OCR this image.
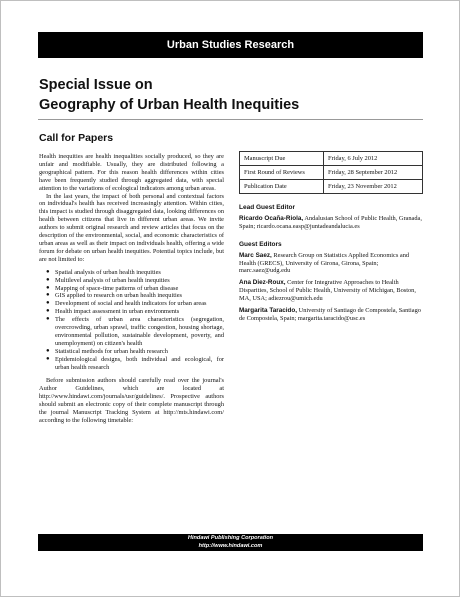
Urban Studies Research
Special Issue on
Geography of Urban Health Inequities
Call for Papers

Health inequities are health inequalities socially produced, so they are unfair and modifiable. Usually, they are distributed following a geographical pattern. For this reason health differences within cities have been frequently studied through aggregated data, with special attention to the variations of ecological indicators among urban areas.

In the last years, the impact of both personal and contextual factors on individual's health has received increasingly attention. Within cities, this impact is studied through disaggregated data, looking differences on health between citizens that live in different urban areas. We invite authors to submit original research and review articles that focus on the description of the environmental, social, and economic characteristics of urban areas as well as their impact on individuals health, offering a wide forum for debate on urban health inequities. Potential topics include, but are not limited to:

● Spatial analysis of urban health inequities
● Multilevel analysis of urban health inequities
● Mapping of space-time patterns of urban disease
● GIS applied to research on urban health inequities
● Development of social and health indicators for urban areas
● Health impact assessment in urban environments
● The effects of urban area characteristics (segregation, overcrowding, urban sprawl, traffic congestion, housing shortage, environmental pollution, sustainable development, poverty, and unemployment) on citizen's health
● Statistical methods for urban health research
● Epidemiological designs, both individual and ecological, for urban health research

Before submission authors should carefully read over the journal's Author Guidelines, which are located at http://www.hindawi.com/journals/usr/guidelines/. Prospective authors should submit an electronic copy of their complete manuscript through the journal Manuscript Tracking System at http://mts.hindawi.com/ according to the following timetable:

Manuscript Due	Friday, 6 July 2012
First Round of Reviews	Friday, 28 September 2012
Publication Date	Friday, 23 November 2012
Lead Guest Editor
Ricardo Ocaña-Riola, Andalusian School of Public Health, Granada, Spain; ricardo.ocana.easp@juntadeandalucia.es
Guest Editors
Marc Saez, Research Group on Statistics Applied Economics and Health (GRECS), University of Girona, Girona, Spain; marc.saez@udg.edu
Ana Diez-Roux, Center for Integrative Approaches to Health Disparities, School of Public Health, University of Michigan, Boston, MA, USA; adiezrou@umich.edu
Margarita Taracido, University of Santiago de Compostela, Santiago de Compostela, Spain; margarita.taracido@usc.es
Hindawi Publishing Corporation
http://www.hindawi.com
